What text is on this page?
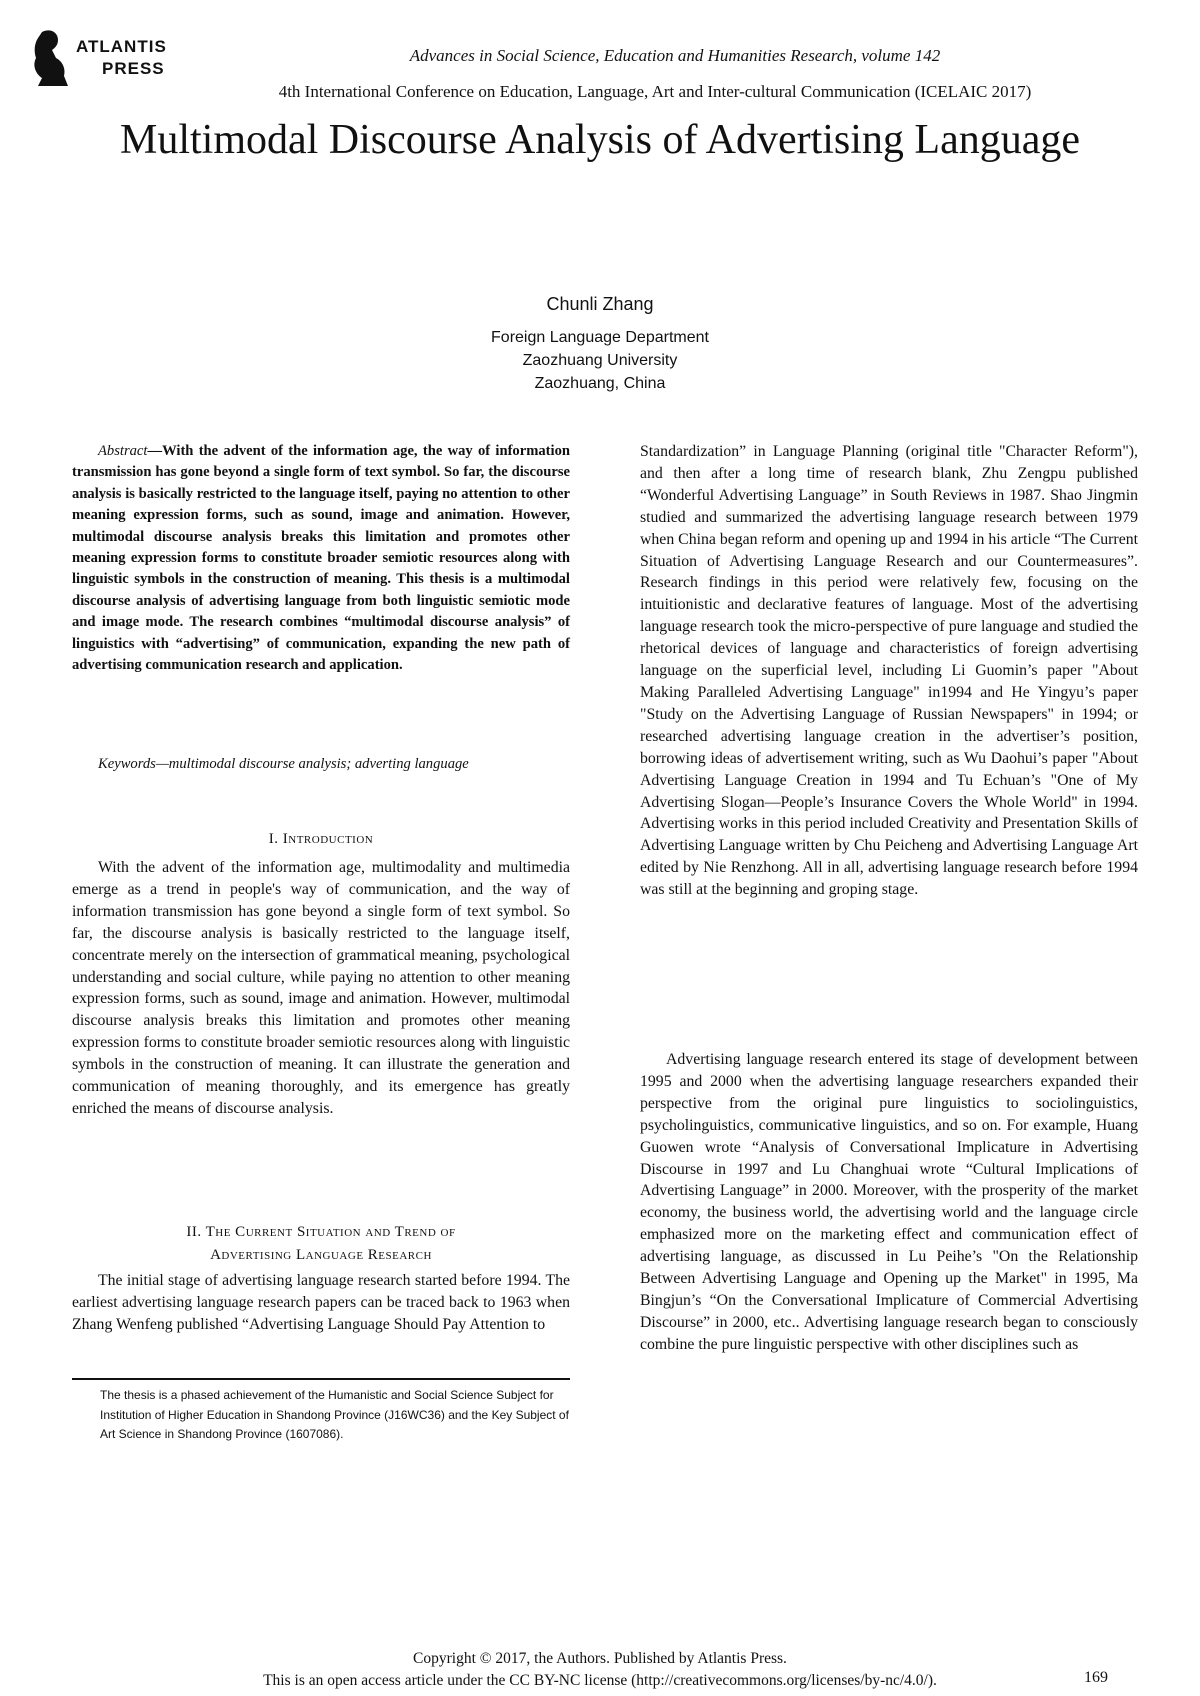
ATLANTIS
PRESS
Advances in Social Science, Education and Humanities Research, volume 142
4th International Conference on Education, Language, Art and Inter-cultural Communication (ICELAIC 2017)
Multimodal Discourse Analysis of Advertising Language
Chunli Zhang
Foreign Language Department
Zaozhuang University
Zaozhuang, China
Abstract—With the advent of the information age, the way of information transmission has gone beyond a single form of text symbol. So far, the discourse analysis is basically restricted to the language itself, paying no attention to other meaning expression forms, such as sound, image and animation. However, multimodal discourse analysis breaks this limitation and promotes other meaning expression forms to constitute broader semiotic resources along with linguistic symbols in the construction of meaning. This thesis is a multimodal discourse analysis of advertising language from both linguistic semiotic mode and image mode. The research combines “multimodal discourse analysis” of linguistics with “advertising” of communication, expanding the new path of advertising communication research and application.
Keywords—multimodal discourse analysis; adverting language
I. Introduction

With the advent of the information age, multimodality and multimedia emerge as a trend in people's way of communication, and the way of information transmission has gone beyond a single form of text symbol. So far, the discourse analysis is basically restricted to the language itself, concentrate merely on the intersection of grammatical meaning, psychological understanding and social culture, while paying no attention to other meaning expression forms, such as sound, image and animation. However, multimodal discourse analysis breaks this limitation and promotes other meaning expression forms to constitute broader semiotic resources along with linguistic symbols in the construction of meaning. It can illustrate the generation and communication of meaning thoroughly, and its emergence has greatly enriched the means of discourse analysis.

II. The Current Situation and Trend of
Advertising Language Research

The initial stage of advertising language research started before 1994. The earliest advertising language research papers can be traced back to 1963 when Zhang Wenfeng published “Advertising Language Should Pay Attention to

The thesis is a phased achievement of the Humanistic and Social Science Subject for Institution of Higher Education in Shandong Province (J16WC36) and the Key Subject of Art Science in Shandong Province (1607086).

Standardization” in Language Planning (original title "Character Reform"), and then after a long time of research blank, Zhu Zengpu published “Wonderful Advertising Language” in South Reviews in 1987. Shao Jingmin studied and summarized the advertising language research between 1979 when China began reform and opening up and 1994 in his article “The Current Situation of Advertising Language Research and our Countermeasures”. Research findings in this period were relatively few, focusing on the intuitionistic and declarative features of language. Most of the advertising language research took the micro-perspective of pure language and studied the rhetorical devices of language and characteristics of foreign advertising language on the superficial level, including Li Guomin’s paper "About Making Paralleled Advertising Language" in1994 and He Yingyu’s paper "Study on the Advertising Language of Russian Newspapers" in 1994; or researched advertising language creation in the advertiser’s position, borrowing ideas of advertisement writing, such as Wu Daohui’s paper "About Advertising Language Creation in 1994 and Tu Echuan’s "One of My Advertising Slogan—People’s Insurance Covers the Whole World" in 1994. Advertising works in this period included Creativity and Presentation Skills of Advertising Language written by Chu Peicheng and Advertising Language Art edited by Nie Renzhong. All in all, advertising language research before 1994 was still at the beginning and groping stage.

Advertising language research entered its stage of development between 1995 and 2000 when the advertising language researchers expanded their perspective from the original pure linguistics to sociolinguistics, psycholinguistics, communicative linguistics, and so on. For example, Huang Guowen wrote “Analysis of Conversational Implicature in Advertising Discourse in 1997 and Lu Changhuai wrote “Cultural Implications of Advertising Language” in 2000. Moreover, with the prosperity of the market economy, the business world, the advertising world and the language circle emphasized more on the marketing effect and communication effect of advertising language, as discussed in Lu Peihe’s "On the Relationship Between Advertising Language and Opening up the Market" in 1995, Ma Bingjun’s “On the Conversational Implicature of Commercial Advertising Discourse” in 2000, etc.. Advertising language research began to consciously combine the pure linguistic perspective with other disciplines such as

Copyright © 2017, the Authors. Published by Atlantis Press.
This is an open access article under the CC BY-NC license (http://creativecommons.org/licenses/by-nc/4.0/).	169
